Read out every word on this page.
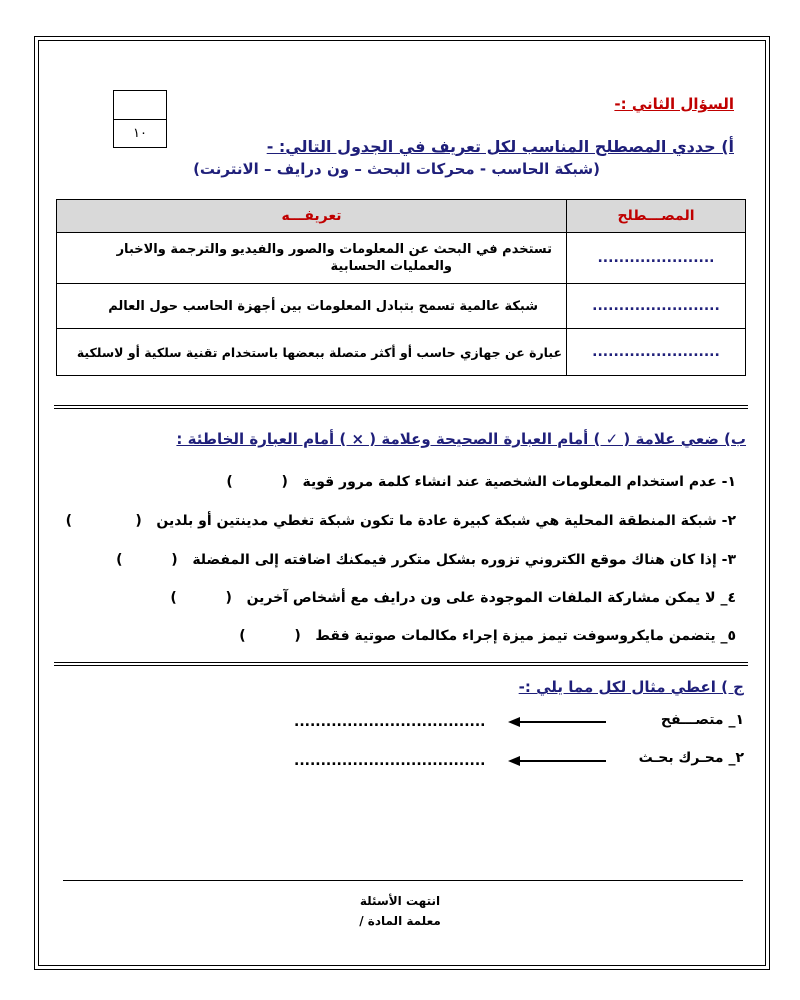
السؤال الثاني :-
١٠
أ) حددي المصطلح المناسب لكل تعريف في الجدول التالي: -
(شبكة الحاسب - محركات البحث – ون درايف – الانترنت)
المصـــطلح	تعريفـــه
......................	تستخدم في البحث عن المعلومات والصور والفيديو والترجمة والاخبار
والعمليات الحسابية

........................	شبكة عالمية تسمح بتبادل المعلومات بين أجهزة الحاسب حول العالم

........................	عبارة عن جهازي حاسب أو أكثر متصلة ببعضها باستخدام تقنية سلكية أو لاسلكية
ب) ضعي علامة ( ✓ ) أمام العبارة الصحيحة وعلامة ( × ) أمام العبارة الخاطئة :
١- عدم استخدام المعلومات الشخصية عند انشاء كلمة مرور قوية   (          )
٢- شبكة المنطقة المحلية هي شبكة كبيرة عادة ما تكون شبكة تغطي مدينتين أو بلدين   (             )
٣- إذا كان هناك موقع الكتروني تزوره بشكل متكرر فيمكنك اضافته إلى المفضلة   (          )
٤_ لا يمكن مشاركة الملفات الموجودة على ون درايف مع أشخاص آخرين   (          )
٥_ يتضمن مايكروسوفت تيمز ميزة إجراء مكالمات صوتية فقط   (          )
ج ) اعطي مثال لكل مما يلي :-
١_ متصـــفح
....................................
٢_ محـرك بحـث
....................................
انتهت الأسئلة
معلمة المادة /
